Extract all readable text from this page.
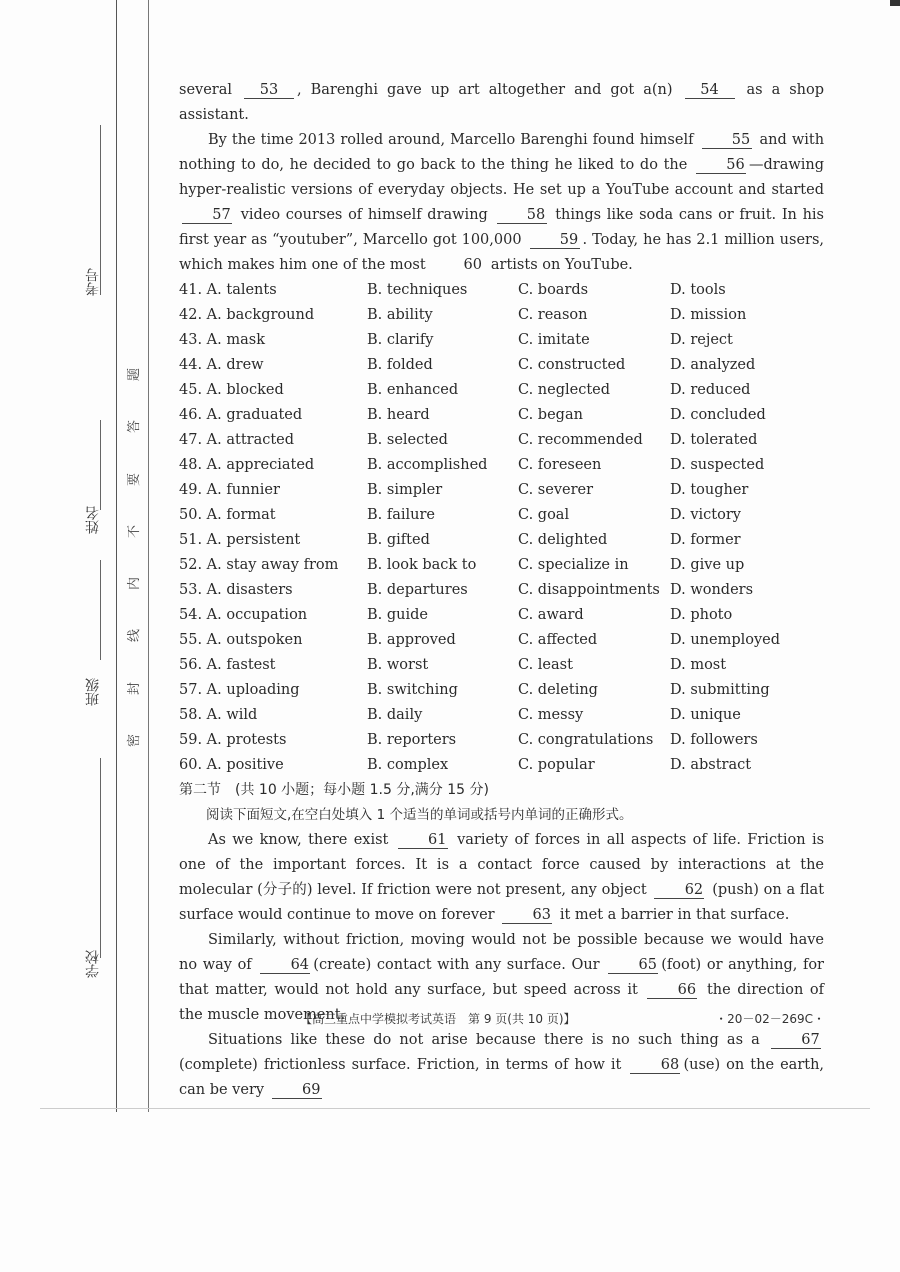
考号
姓名
班级
学校
题
答
要
不
内
线
封
密

several 53 , Barenghi gave up art altogether and got a(n) 54 as a shop assistant.

By the time 2013 rolled around, Marcello Barenghi found himself	55 and with nothing to do, he decided to go back to the thing he liked to do the	56 —drawing hyper-realistic versions of everyday objects. He set up a YouTube account and started 57 video courses of himself drawing	58 things like soda cans or fruit. In his first year as “youtuber”, Marcello got 100,000	59 . Today, he has 2.1 million users, which makes him one of the most	60 artists on YouTube.

41. A. talents	B. techniques	C. boards	D. tools
42. A. background	B. ability	C. reason	D. mission
43. A. mask	B. clarify	C. imitate	D. reject
44. A. drew	B. folded	C. constructed	D. analyzed
45. A. blocked	B. enhanced	C. neglected	D. reduced
46. A. graduated	B. heard	C. began	D. concluded
47. A. attracted	B. selected	C. recommended	D. tolerated
48. A. appreciated	B. accomplished	C. foreseen	D. suspected
49. A. funnier	B. simpler	C. severer	D. tougher
50. A. format	B. failure	C. goal	D. victory
51. A. persistent	B. gifted	C. delighted	D. former
52. A. stay away from	B. look back to	C. specialize in	D. give up
53. A. disasters	B. departures	C. disappointments D. wonders
54. A. occupation	B. guide	C. award	D. photo
55. A. outspoken	B. approved	C. affected	D. unemployed
56. A. fastest	B. worst	C. least	D. most
57. A. uploading	B. switching	C. deleting	D. submitting
58. A. wild	B. daily	C. messy	D. unique
59. A. protests	B. reporters	C. congratulations	D. followers
60. A. positive	B. complex	C. popular	D. abstract
第二节　(共 10 小题；每小题 1.5 分,满分 15 分)
阅读下面短文,在空白处填入 1 个适当的单词或括号内单词的正确形式。

As we know, there exist	61 variety of forces in all aspects of life. Friction is one of the important forces. It is a contact force caused by interactions at the molecular (分子的) level. If friction were not present, any object	62 (push) on a flat surface would continue to move on forever	63 it met a barrier in that surface.

Similarly, without friction, moving would not be possible because we would have no way of	64 (create) contact with any surface. Our	65 (foot) or anything, for that matter, would not hold any surface, but speed across it	66 the direction of the muscle movement.

Situations like these do not arise because there is no such thing as a	67(complete) frictionless surface. Friction, in terms of how it	68 (use) on the earth, can be very	69

【高三重点中学模拟考试英语　第 9 页(共 10 页)】	・20－02－269C・
